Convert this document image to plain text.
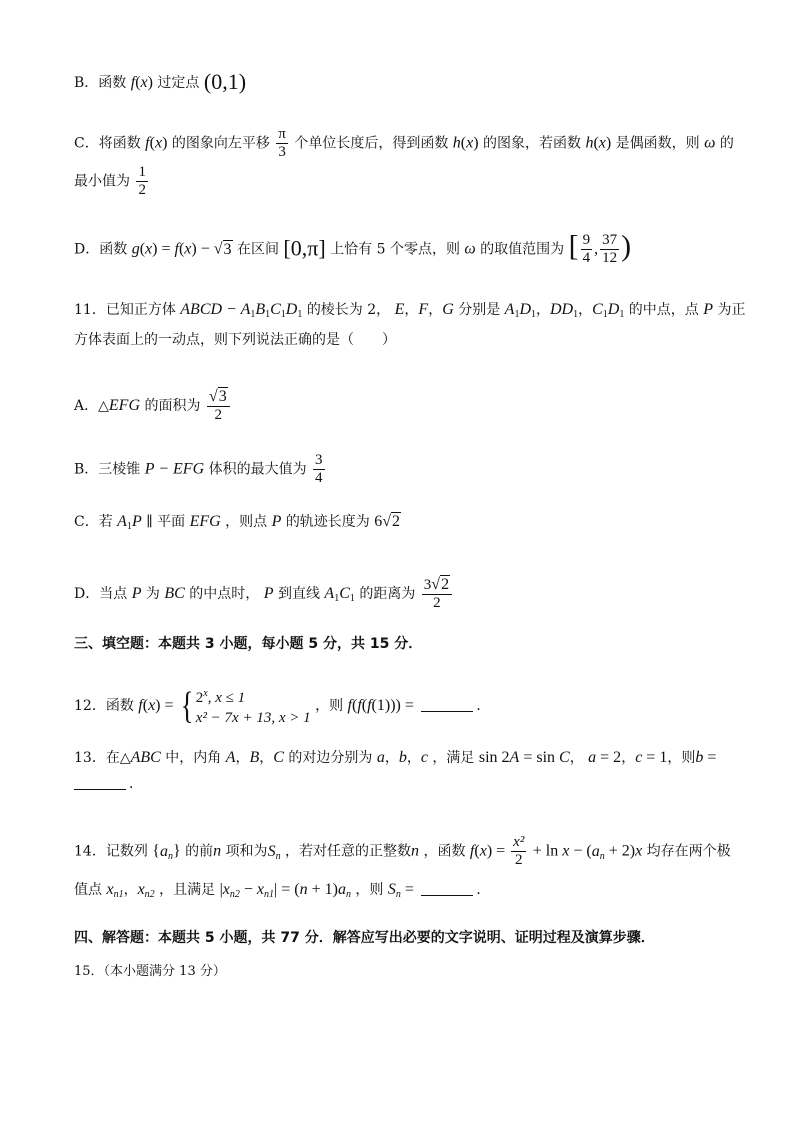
B．函数 f(x) 过定点 (0,1)
C．将函数 f(x) 的图象向左平移 $\frac{\pi}{3}$ 个单位长度后，得到函数 h(x) 的图象，若函数 h(x) 是偶函数，则 ω 的
最小值为 $\frac{1}{2}$
D．函数 g(x) = f(x) − √3 在区间 [0,π] 上恰有 5 个零点，则 ω 的取值范围为 [ $\frac{9}{4}$ , $\frac{37}{12}$ )
11．已知正方体 ABCD − $A_1B_1C_1D_1$ 的棱长为 2， E，F，G 分别是 $A_1D_1$，$DD_1$，$C_1D_1$ 的中点，点 P 为正
方体表面上的一动点，则下列说法正确的是（　　）
A．△EFG 的面积为 $\frac{√3}{2}$
B．三棱锥 P − EFG 体积的最大值为 $\frac{3}{4}$
C．若 $A_1P$ ∥ 平面 EFG ，则点 P 的轨迹长度为 6√2
D．当点 P 为 BC 的中点时， P 到直线 $A_1C_1$ 的距离为 $\frac{3√2}{2}$
三、填空题：本题共 3 小题，每小题 5 分，共 15 分．
12．函数 f(x) = { 2$^x$, x ≤ 1
x² − 7x + 13, x > 1
，则 f(f(f(1))) =	．
13．在△ABC 中，内角 A，B，C 的对边分别为 a，b，c ，满足 sin 2A = sin C， a = 2，c = 1，则b =
．
14．记数列 $\{a_n\}$ 的前n 项和为$S_n$ ，若对任意的正整数n ，函数 $f(x) = \frac{\text{x²}}{2} + \ln x - (a_n + 2)x$ 均存在两个极
值点 $x_{n1}$，$x_{n2}$ ，且满足 $|x_{n2} - x_{n1}| = (n + 1)a_n$ ，则 $S_n$ =	．
四、解答题：本题共 5 小题，共 77 分．解答应写出必要的文字说明、证明过程及演算步骤．
15．（本小题满分 13 分）
